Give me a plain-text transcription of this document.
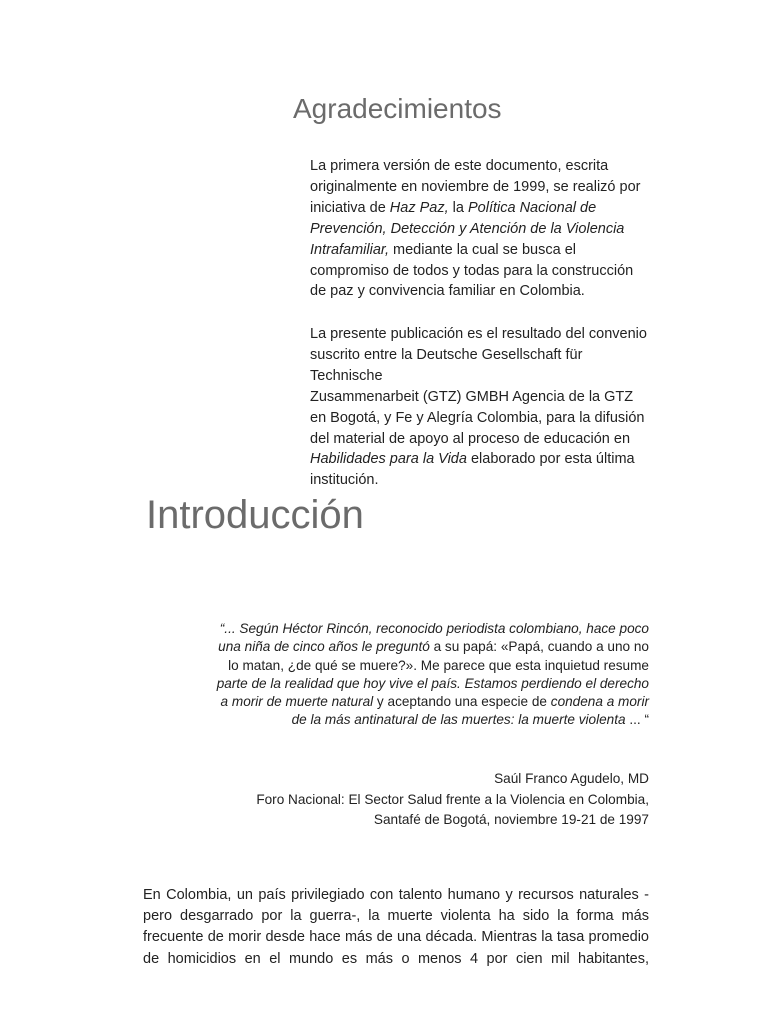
Agradecimientos

La primera versión de este documento, escrita originalmente en noviembre de 1999, se realizó por iniciativa de Haz Paz, la Política Nacional de Prevención, Detección y Atención de la Violencia Intrafamiliar, mediante la cual se busca el compromiso de todos y todas para la construcción de paz y convivencia familiar en Colombia.

La presente publicación es el resultado del convenio suscrito entre la Deutsche Gesellschaft für Technische
Zusammenarbeit (GTZ) GMBH Agencia de la GTZ en Bogotá, y Fe y Alegría Colombia, para la difusión del material de apoyo al proceso de educación en Habilidades para la Vida elaborado por esta última institución.

Introducción

“... Según Héctor Rincón, reconocido periodista colombiano, hace poco una niña de cinco años le preguntó a su papá: «Papá, cuando a uno no lo matan, ¿de qué se muere?». Me parece que esta inquietud resume parte de la realidad que hoy vive el país. Estamos perdiendo el derecho a morir de muerte natural y aceptando una especie de condena a morir de la más antinatural de las muertes: la muerte violenta ... “

Saúl Franco Agudelo, MD
Foro Nacional: El Sector Salud frente a la Violencia en Colombia,
Santafé de Bogotá, noviembre 19-21 de 1997

En Colombia, un país privilegiado con talento humano y recursos naturales -pero desgarrado por la guerra-, la muerte violenta ha sido la forma más frecuente de morir desde hace más de una década. Mientras la tasa promedio de homicidios en el mundo es más o menos 4 por cien mil habitantes,
